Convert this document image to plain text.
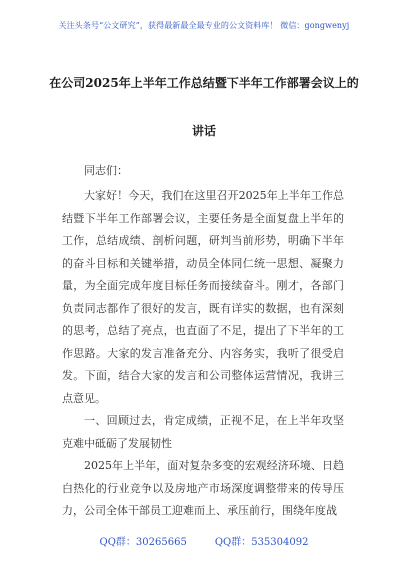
关注头条号“公文研究”，获得最新最全最专业的公文资料库！ 微信：gongwenyj
在公司2025年上半年工作总结暨下半年工作部署会议上的
讲话
同志们：

大家好！今天，我们在这里召开2025年上半年工作总结暨下半年工作部署会议，主要任务是全面复盘上半年的工作，总结成绩、剖析问题，研判当前形势，明确下半年的奋斗目标和关键举措，动员全体同仁统一思想、凝聚力量，为全面完成年度目标任务而接续奋斗。刚才，各部门负责同志都作了很好的发言，既有详实的数据，也有深刻的思考，总结了亮点，也直面了不足，提出了下半年的工作思路。大家的发言准备充分、内容务实，我听了很受启发。下面，结合大家的发言和公司整体运营情况，我讲三点意见。

一、回顾过去，肯定成绩，正视不足，在上半年攻坚克难中砥砺了发展韧性

2025年上半年，面对复杂多变的宏观经济环境、日趋白热化的行业竞争以及房地产市场深度调整带来的传导压力，公司全体干部员工迎难而上、承压前行，围绕年度战

QQ群：30265665	QQ群：535304092
